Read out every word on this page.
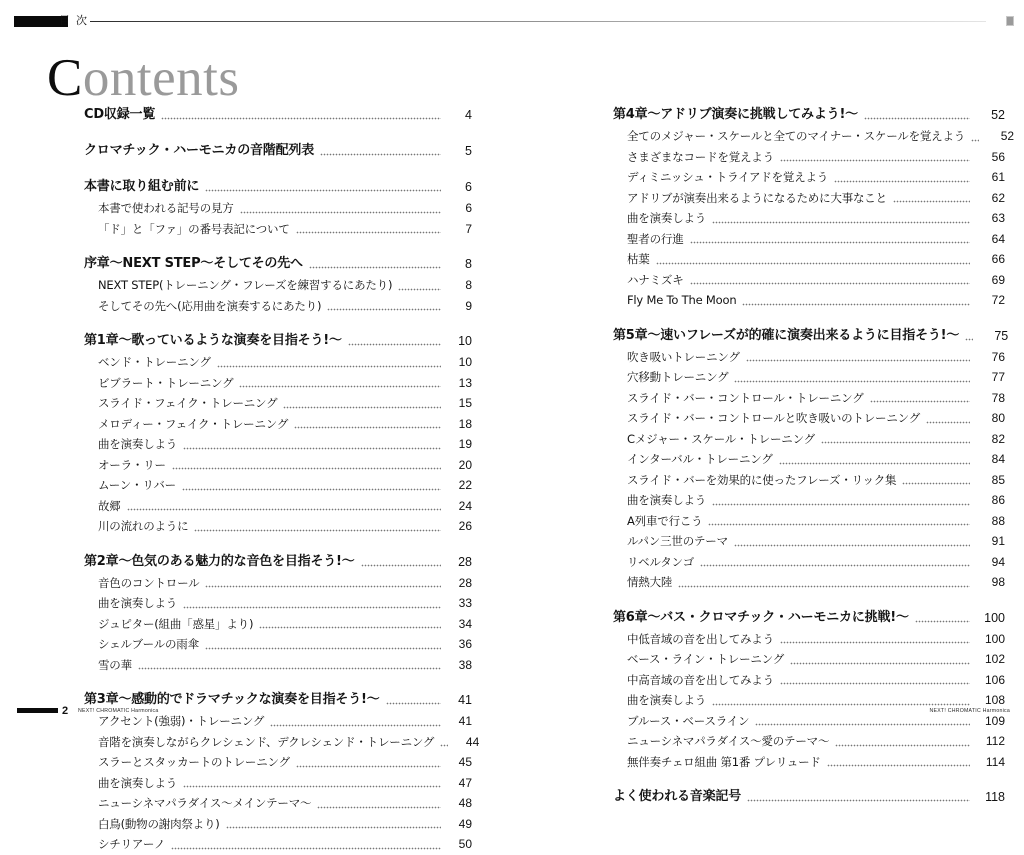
目 次
Contents
CD収録一覧	4
クロマチック・ハーモニカの音階配列表	5
本書に取り組む前に	6
本書で使われる記号の見方	6
「ド」と「ファ」の番号表記について	7
序章〜NEXT STEP〜そしてその先へ	8
NEXT STEP(トレーニング・フレーズを練習するにあたり)	8
そしてその先へ(応用曲を演奏するにあたり)	9
第1章〜歌っているような演奏を目指そう!〜	10
ベンド・トレーニング	10
ビブラート・トレーニング	13
スライド・フェイク・トレーニング	15
メロディー・フェイク・トレーニング	18
曲を演奏しよう	19
オーラ・リー	20
ムーン・リバー	22
故郷	24
川の流れのように	26
第2章〜色気のある魅力的な音色を目指そう!〜	28
音色のコントロール	28
曲を演奏しよう	33
ジュピター(組曲「惑星」より)	34
シェルブールの雨傘	36
雪の華	38
第3章〜感動的でドラマチックな演奏を目指そう!〜	41
アクセント(強弱)・トレーニング	41
音階を演奏しながらクレシェンド、デクレシェンド・トレーニング	44
スラーとスタッカートのトレーニング	45
曲を演奏しよう	47
ニューシネマパラダイス〜メインテーマ〜	48
白鳥(動物の謝肉祭より)	49
シチリアーノ	50
第4章〜アドリブ演奏に挑戦してみよう!〜	52
全てのメジャー・スケールと全てのマイナー・スケールを覚えよう	52
さまざまなコードを覚えよう	56
ディミニッシュ・トライアドを覚えよう	61
アドリブが演奏出来るようになるために大事なこと	62
曲を演奏しよう	63
聖者の行進	64
枯葉	66
ハナミズキ	69
Fly Me To The Moon	72
第5章〜速いフレーズが的確に演奏出来るように目指そう!〜	75
吹き吸いトレーニング	76
穴移動トレーニング	77
スライド・バー・コントロール・トレーニング	78
スライド・バー・コントロールと吹き吸いのトレーニング	80
Cメジャー・スケール・トレーニング	82
インターバル・トレーニング	84
スライド・バーを効果的に使ったフレーズ・リック集	85
曲を演奏しよう	86
A列車で行こう	88
ルパン三世のテーマ	91
リベルタンゴ	94
情熱大陸	98
第6章〜バス・クロマチック・ハーモニカに挑戦!〜	100
中低音域の音を出してみよう	100
ベース・ライン・トレーニング	102
中高音域の音を出してみよう	106
曲を演奏しよう	108
ブルース・ベースライン	109
ニューシネマパラダイス〜愛のテーマ〜	112
無伴奏チェロ組曲 第1番 プレリュード	114
よく使われる音楽記号	118
2 NEXT! CHROMATIC Harmonica	NEXT! CHROMATIC Harmonica
